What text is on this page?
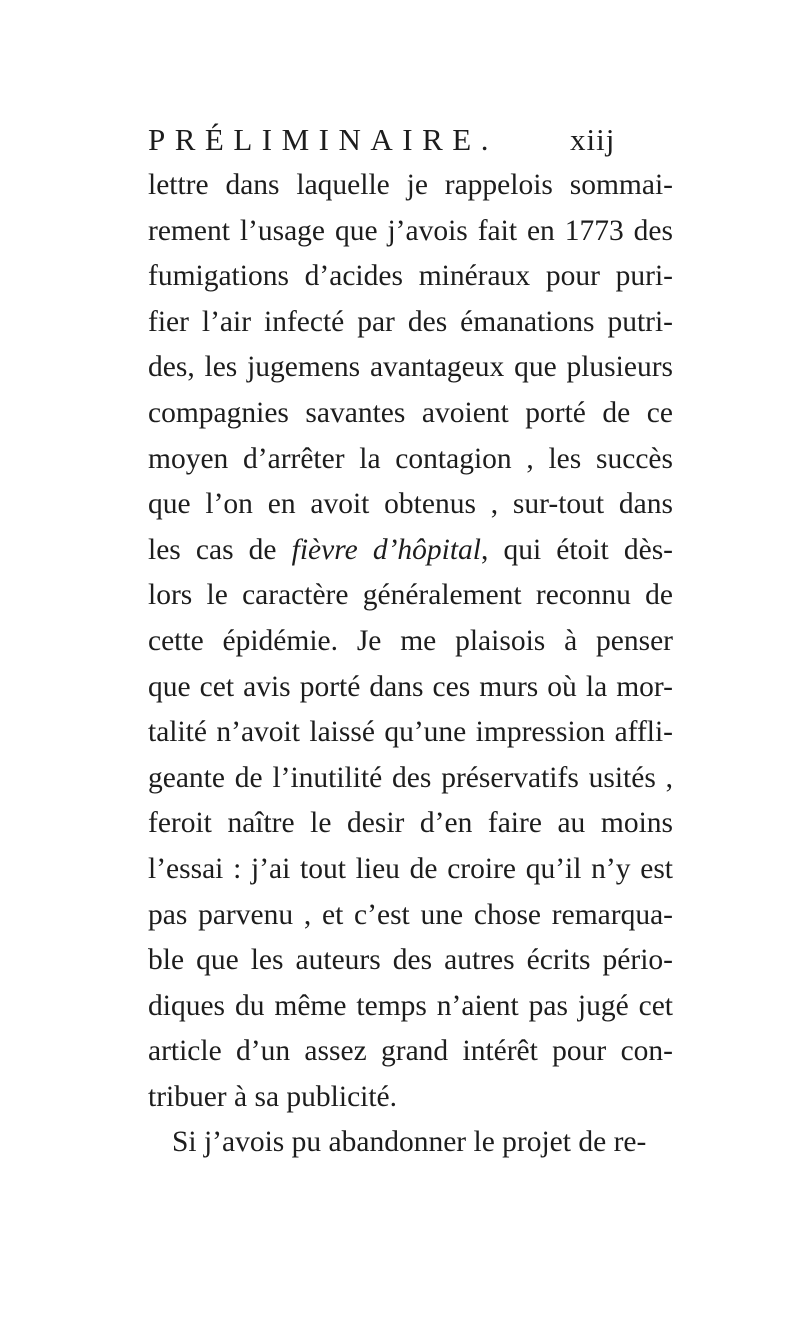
PRÉLIMINAIRE. xiij
lettre dans laquelle je rappelois sommai-
rement l’usage que j’avois fait en 1773 des
fumigations d’acides minéraux pour puri-
fier l’air infecté par des émanations putri-
des, les jugemens avantageux que plusieurs
compagnies savantes avoient porté de ce
moyen d’arrêter la contagion , les succès
que l’on en avoit obtenus , sur-tout dans
les cas de fièvre d’hôpital, qui étoit dès-
lors le caractère généralement reconnu de
cette épidémie. Je me plaisois à penser
que cet avis porté dans ces murs où la mor-
talité n’avoit laissé qu’une impression affli-
geante de l’inutilité des préservatifs usités ,
feroit naître le desir d’en faire au moins
l’essai : j’ai tout lieu de croire qu’il n’y est
pas parvenu , et c’est une chose remarqua-
ble que les auteurs des autres écrits pério-
diques du même temps n’aient pas jugé cet
article d’un assez grand intérêt pour con-
tribuer à sa publicité.
Si j’avois pu abandonner le projet de re-
